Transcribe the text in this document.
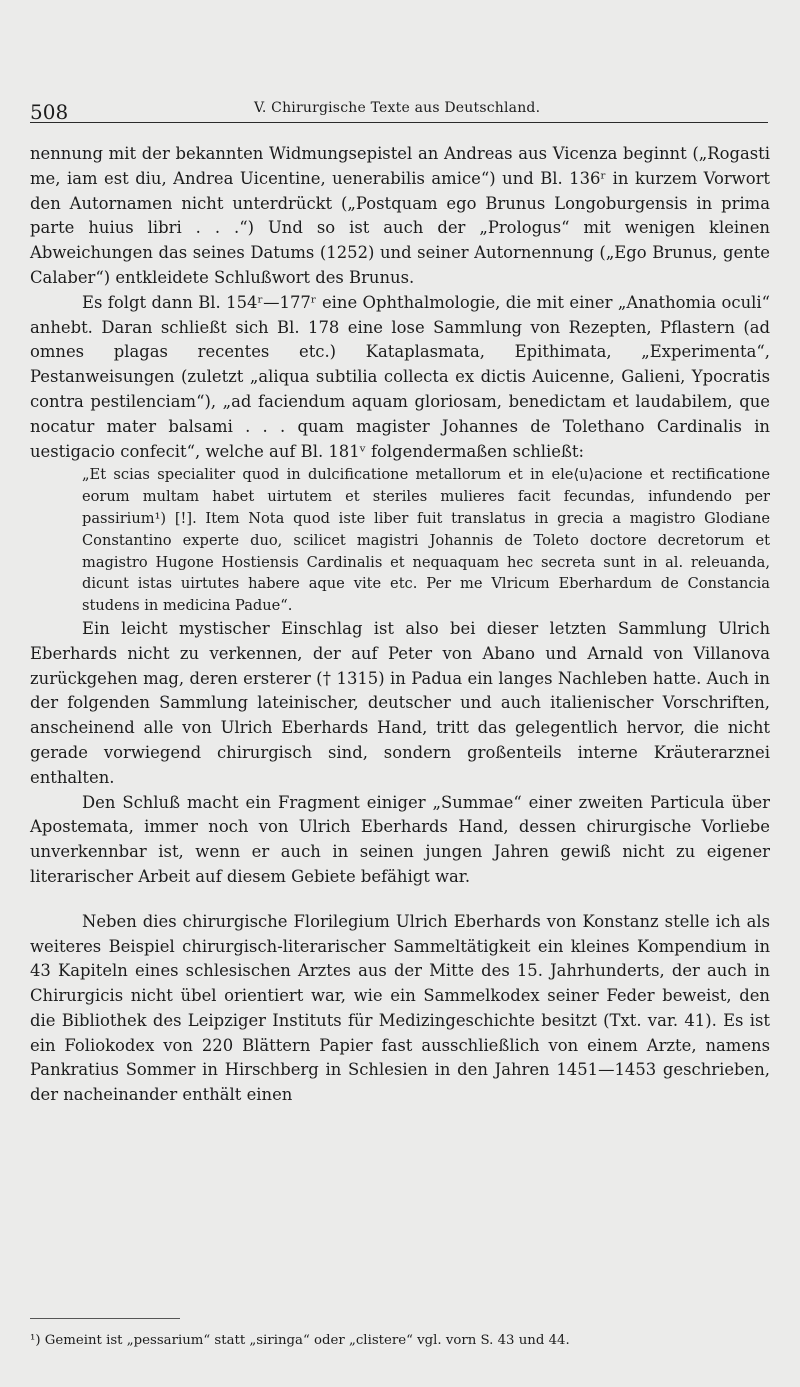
508	V. Chirurgische Texte aus Deutschland.

nennung mit der bekannten Widmungsepistel an Andreas aus Vicenza beginnt („Rogasti me, iam est diu, Andrea Uicentine, uenerabilis amice“) und Bl. 136ʳ in kurzem Vorwort den Autornamen nicht unterdrückt („Postquam ego Brunus Longoburgensis in prima parte huius libri . . .“) Und so ist auch der „Prologus“ mit wenigen kleinen Abweichungen das seines Datums (1252) und seiner Autornennung („Ego Brunus, gente Calaber“) entkleidete Schlußwort des Brunus.

Es folgt dann Bl. 154ʳ—177ʳ eine Ophthalmologie, die mit einer „Anathomia oculi“ anhebt. Daran schließt sich Bl. 178 eine lose Sammlung von Rezepten, Pflastern (ad omnes plagas recentes etc.) Kataplasmata, Epithimata, „Experimenta“, Pestanweisungen (zuletzt „aliqua subtilia collecta ex dictis Auicenne, Galieni, Ypocratis contra pestilenciam“), „ad faciendum aquam gloriosam, benedictam et laudabilem, que nocatur mater balsami . . . quam magister Johannes de Tolethano Cardinalis in uestigacio confecit“, welche auf Bl. 181ᵛ folgendermaßen schließt:

„Et scias specialiter quod in dulcificatione metallorum et in ele⟨u⟩acione et rectificatione eorum multam habet uirtutem et steriles mulieres facit fecundas, infundendo per passirium¹) [!]. Item Nota quod iste liber fuit translatus in grecia a magistro Glodiane Constantino experte duo, scilicet magistri Johannis de Toleto doctore decretorum et magistro Hugone Hostiensis Cardinalis et nequaquam hec secreta sunt in al. releuanda, dicunt istas uirtutes habere aque vite etc. Per me Vlricum Eberhardum de Constancia studens in medicina Padue“.

Ein leicht mystischer Einschlag ist also bei dieser letzten Sammlung Ulrich Eberhards nicht zu verkennen, der auf Peter von Abano und Arnald von Villanova zurückgehen mag, deren ersterer († 1315) in Padua ein langes Nachleben hatte. Auch in der folgenden Sammlung lateinischer, deutscher und auch italienischer Vorschriften, anscheinend alle von Ulrich Eberhards Hand, tritt das gelegentlich hervor, die nicht gerade vorwiegend chirurgisch sind, sondern großenteils interne Kräuterarznei enthalten.

Den Schluß macht ein Fragment einiger „Summae“ einer zweiten Particula über Apostemata, immer noch von Ulrich Eberhards Hand, dessen chirurgische Vorliebe unverkennbar ist, wenn er auch in seinen jungen Jahren gewiß nicht zu eigener literarischer Arbeit auf diesem Gebiete befähigt war.

Neben dies chirurgische Florilegium Ulrich Eberhards von Konstanz stelle ich als weiteres Beispiel chirurgisch-literarischer Sammeltätigkeit ein kleines Kompendium in 43 Kapiteln eines schlesischen Arztes aus der Mitte des 15. Jahrhunderts, der auch in Chirurgicis nicht übel orientiert war, wie ein Sammelkodex seiner Feder beweist, den die Bibliothek des Leipziger Instituts für Medizingeschichte besitzt (Txt. var. 41). Es ist ein Foliokodex von 220 Blättern Papier fast ausschließlich von einem Arzte, namens Pankratius Sommer in Hirschberg in Schlesien in den Jahren 1451—1453 geschrieben, der nacheinander enthält einen

¹) Gemeint ist „pessarium“ statt „siringa“ oder „clistere“ vgl. vorn S. 43 und 44.
